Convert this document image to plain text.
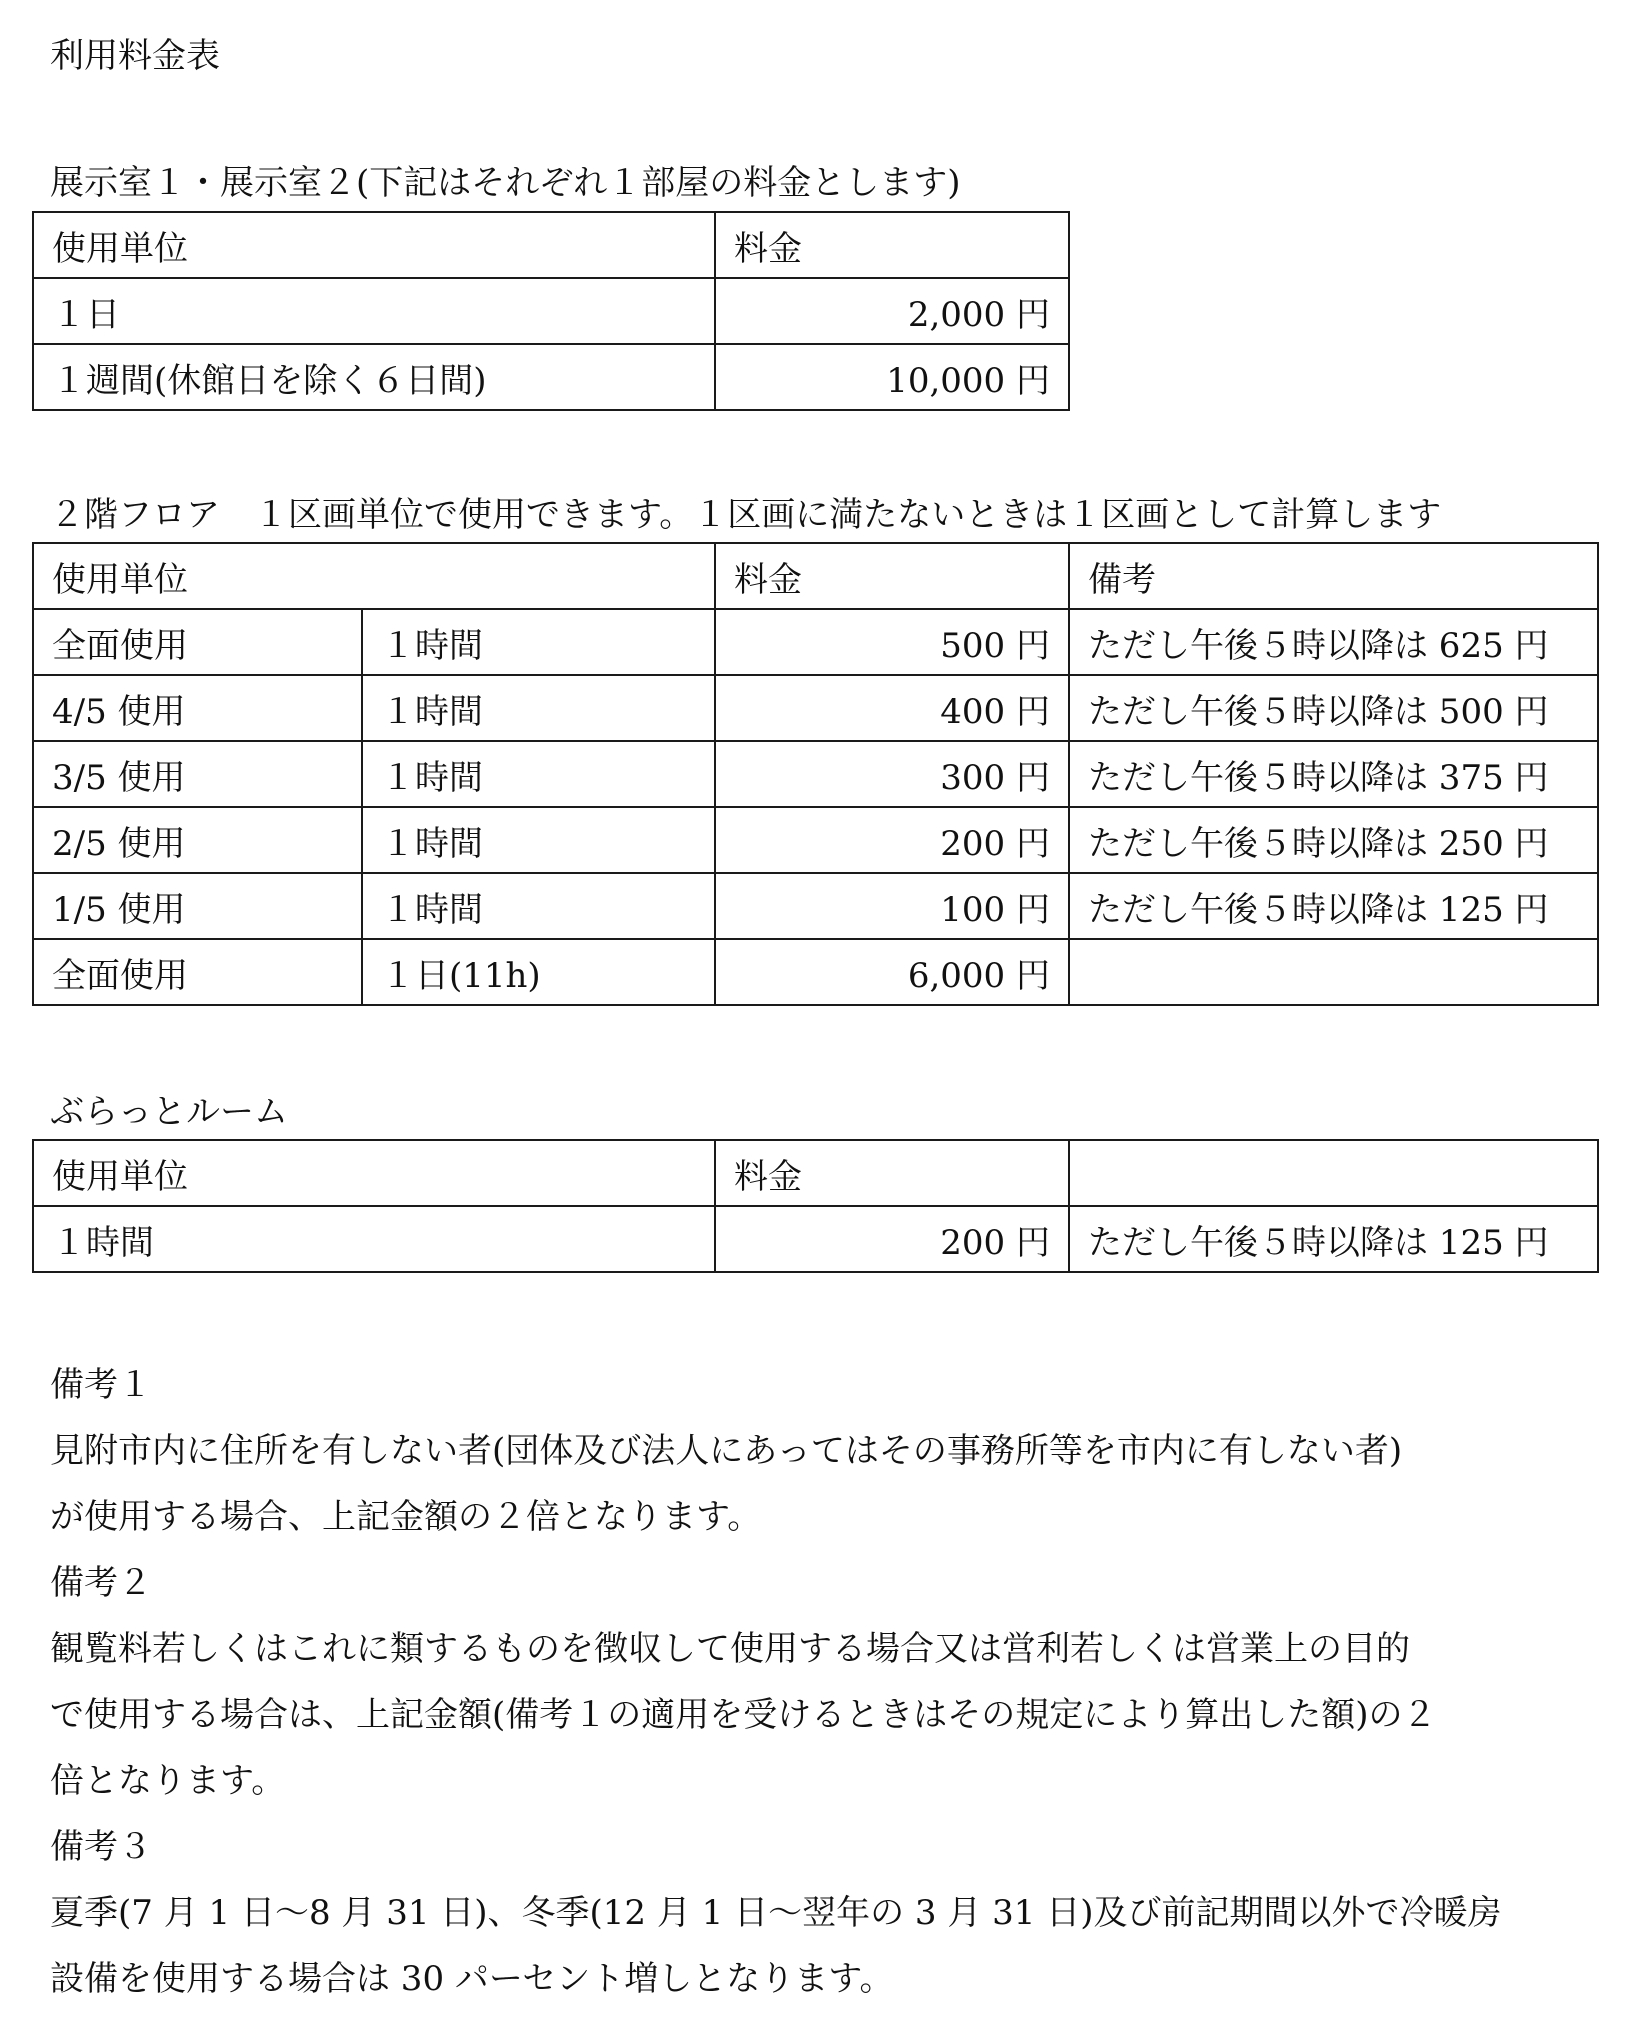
利用料金表
展示室１・展示室２(下記はそれぞれ１部屋の料金とします)
使用単位	料金
１日	2,000 円
１週間(休館日を除く６日間)	10,000 円
２階フロア　１区画単位で使用できます。１区画に満たないときは１区画として計算します
使用単位		料金	備考
全面使用	１時間	500 円	ただし午後５時以降は 625 円
4/5 使用	１時間	400 円	ただし午後５時以降は 500 円
3/5 使用	１時間	300 円	ただし午後５時以降は 375 円
2/5 使用	１時間	200 円	ただし午後５時以降は 250 円
1/5 使用	１時間	100 円	ただし午後５時以降は 125 円
全面使用	１日(11h)	6,000 円	
ぶらっとルーム
使用単位	料金	
１時間	200 円	ただし午後５時以降は 125 円
備考１
見附市内に住所を有しない者(団体及び法人にあってはその事務所等を市内に有しない者)
が使用する場合、上記金額の２倍となります。
備考２
観覧料若しくはこれに類するものを徴収して使用する場合又は営利若しくは営業上の目的
で使用する場合は、上記金額(備考１の適用を受けるときはその規定により算出した額)の２
倍となります。
備考３
夏季(7 月 1 日～8 月 31 日)、冬季(12 月 1 日～翌年の 3 月 31 日)及び前記期間以外で冷暖房
設備を使用する場合は 30 パーセント増しとなります。
